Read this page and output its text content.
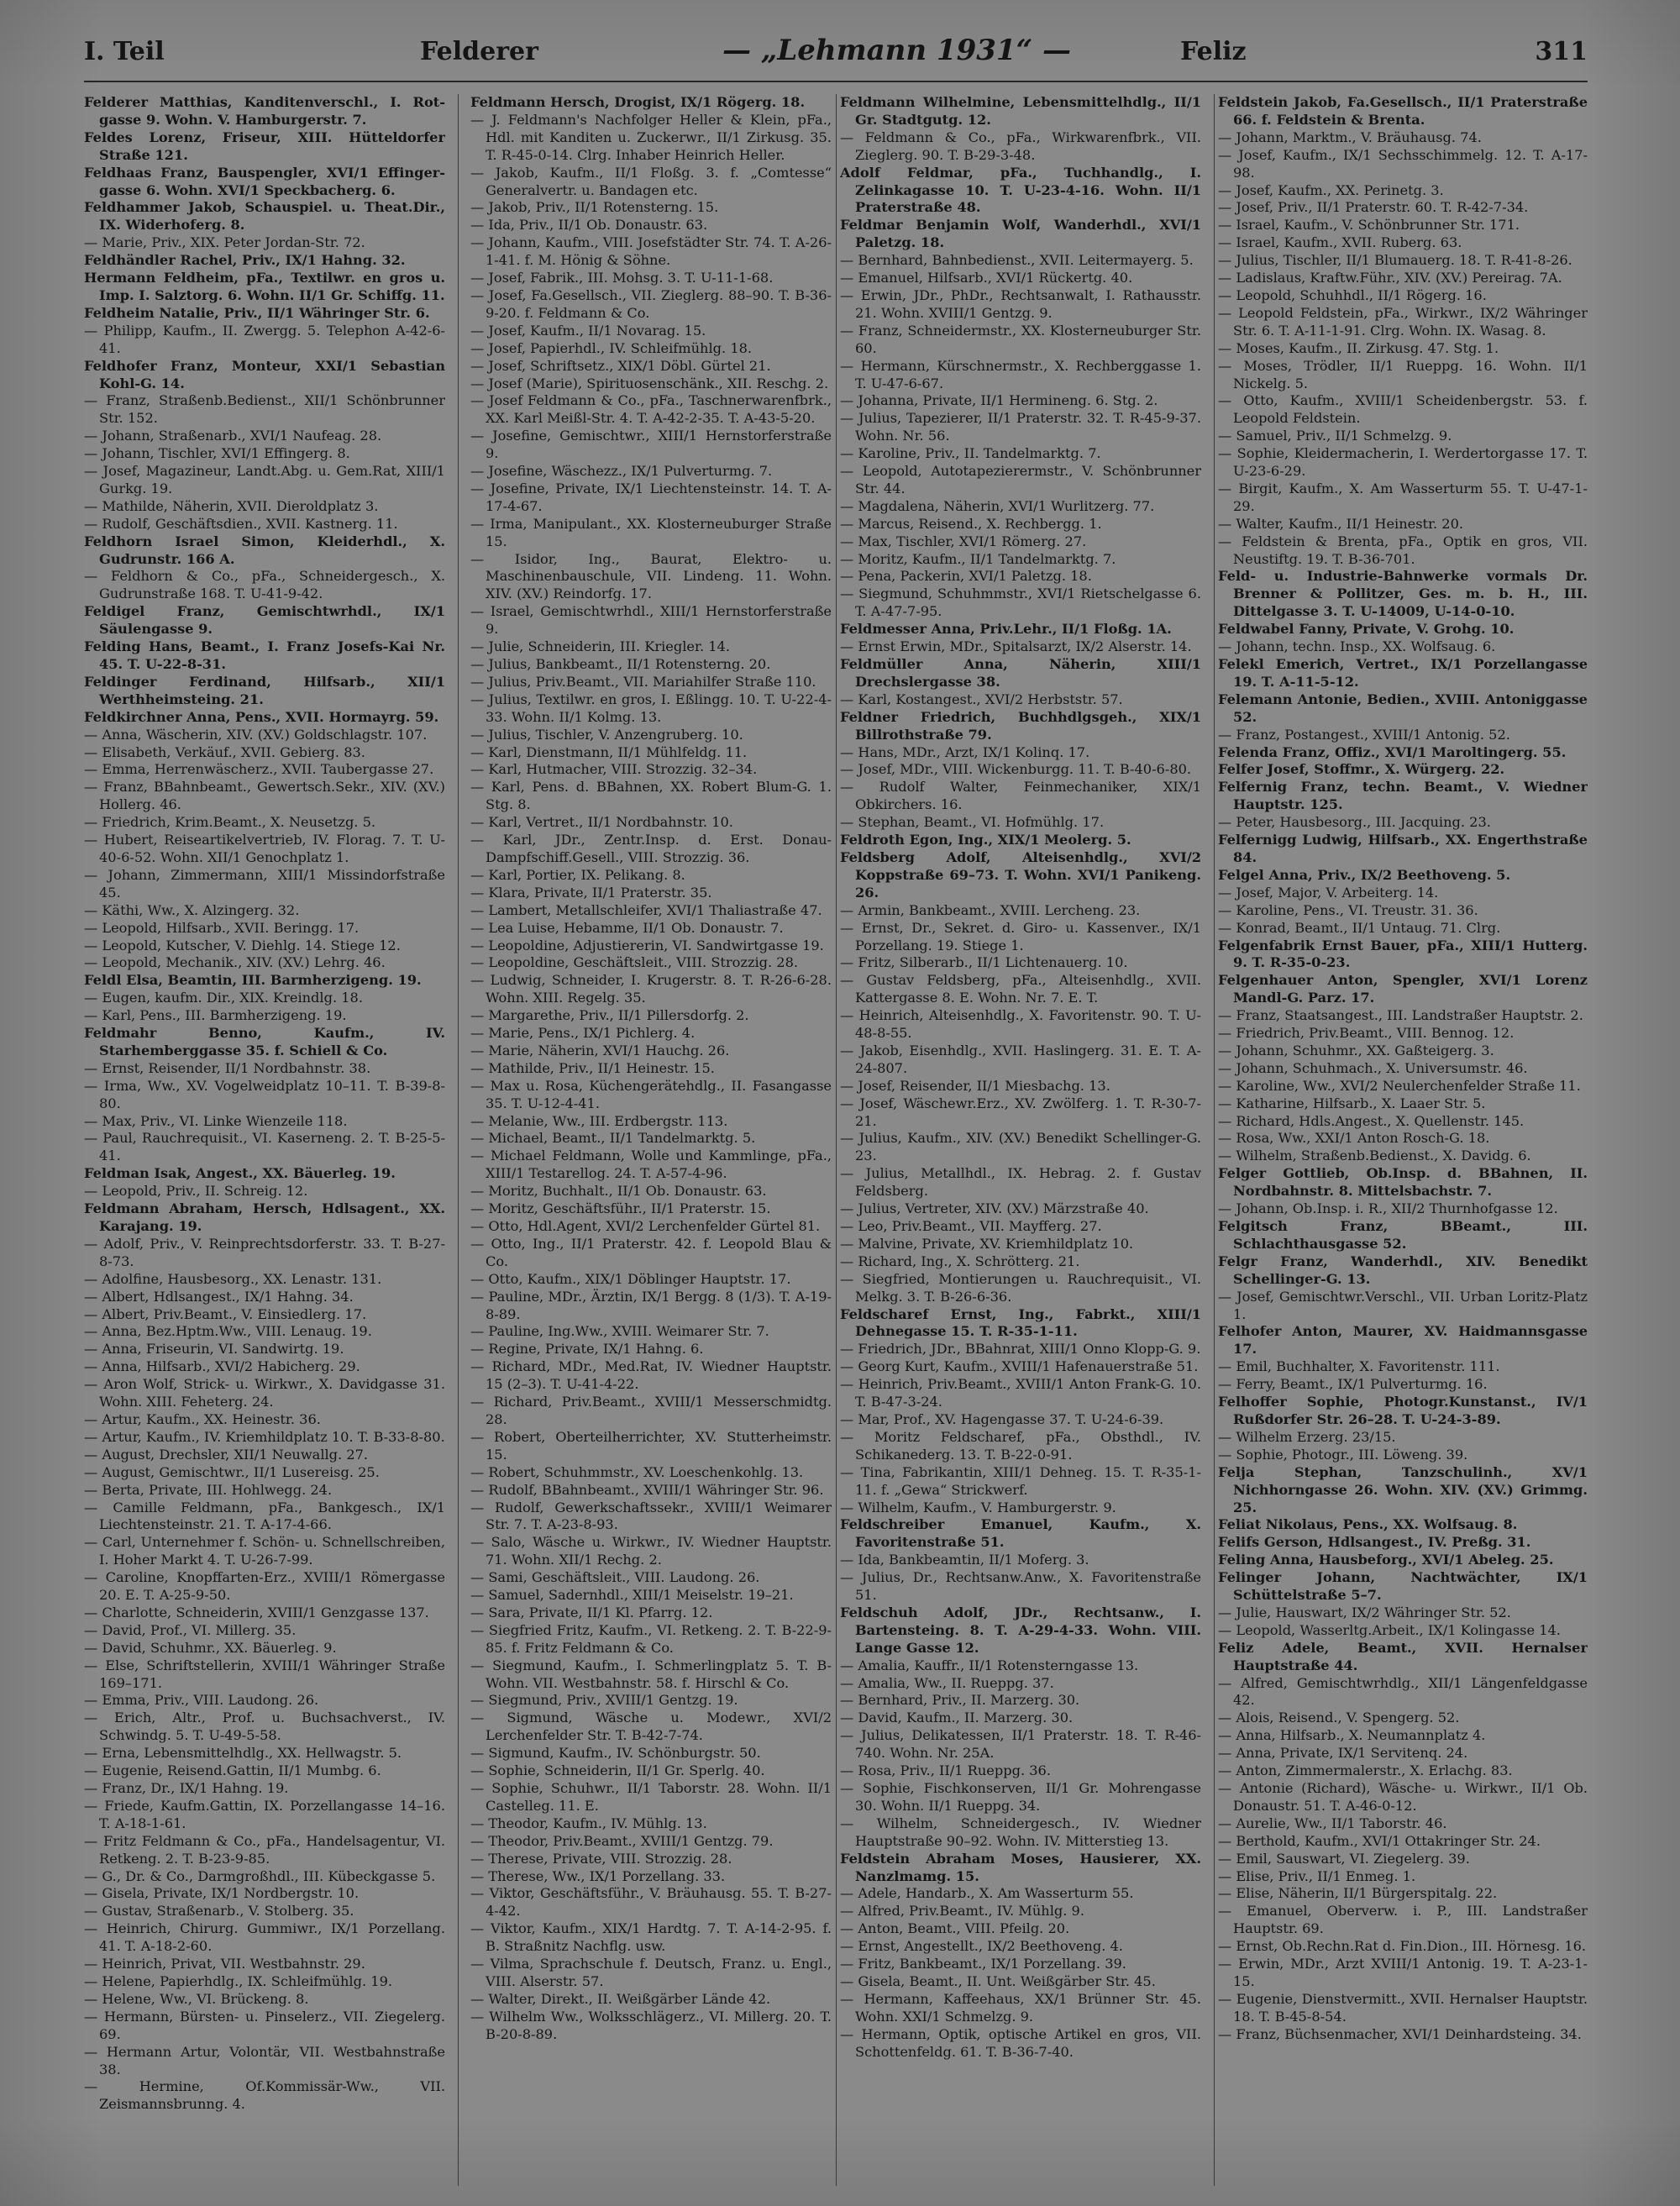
I. Teil	Felderer	— „Lehmann 1931“ —	Feliz	311

Felderer Matthias, Kanditenverschl., I. Rot-gasse 9. Wohn. V. Hamburgerstr. 7.

Feldes Lorenz, Friseur, XIII. Hütteldorfer Straße 121.

Feldhaas Franz, Bauspengler, XVI/1 Effinger-gasse 6. Wohn. XVI/1 Speckbacherg. 6.

Feldhammer Jakob, Schauspiel. u. Theat.Dir., IX. Widerhoferg. 8.

— Marie, Priv., XIX. Peter Jordan-Str. 72.

Feldhändler Rachel, Priv., IX/1 Hahng. 32.

Hermann Feldheim, pFa., Textilwr. en gros u. Imp. I. Salztorg. 6. Wohn. II/1 Gr. Schiffg. 11.

Feldheim Natalie, Priv., II/1 Währinger Str. 6.

— Philipp, Kaufm., II. Zwergg. 5. Telephon A-42-6-41.

Feldhofer Franz, Monteur, XXI/1 Sebastian Kohl-G. 14.

— Franz, Straßenb.Bedienst., XII/1 Schönbrunner Str. 152.

— Johann, Straßenarb., XVI/1 Naufeag. 28.

— Johann, Tischler, XVI/1 Effingerg. 8.

— Josef, Magazineur, Landt.Abg. u. Gem.Rat, XIII/1 Gurkg. 19.

— Mathilde, Näherin, XVII. Dieroldplatz 3.

— Rudolf, Geschäftsdien., XVII. Kastnerg. 11.

Feldhorn Israel Simon, Kleiderhdl., X. Gudrunstr. 166 A.

— Feldhorn & Co., pFa., Schneidergesch., X. Gudrunstraße 168. T. U-41-9-42.

Feldigel Franz, Gemischtwrhdl., IX/1 Säulengasse 9.

Felding Hans, Beamt., I. Franz Josefs-Kai Nr. 45. T. U-22-8-31.

Feldinger Ferdinand, Hilfsarb., XII/1 Werthheimsteing. 21.

Feldkirchner Anna, Pens., XVII. Hormayrg. 59.

— Anna, Wäscherin, XIV. (XV.) Goldschlagstr. 107.

— Elisabeth, Verkäuf., XVII. Gebierg. 83.

— Emma, Herrenwäscherz., XVII. Taubergasse 27.

— Franz, BBahnbeamt., Gewertsch.Sekr., XIV. (XV.) Hollerg. 46.

— Friedrich, Krim.Beamt., X. Neusetzg. 5.

— Hubert, Reiseartikelvertrieb, IV. Florag. 7. T. U-40-6-52. Wohn. XII/1 Genochplatz 1.

— Johann, Zimmermann, XIII/1 Missindorfstraße 45.

— Käthi, Ww., X. Alzingerg. 32.

— Leopold, Hilfsarb., XVII. Beringg. 17.

— Leopold, Kutscher, V. Diehlg. 14. Stiege 12.

— Leopold, Mechanik., XIV. (XV.) Lehrg. 46.

Feldl Elsa, Beamtin, III. Barmherzigeng. 19.

— Eugen, kaufm. Dir., XIX. Kreindlg. 18.

— Karl, Pens., III. Barmherzigeng. 19.

Feldmahr Benno, Kaufm., IV. Starhemberggasse 35. f. Schiell & Co.

— Ernst, Reisender, II/1 Nordbahnstr. 38.

— Irma, Ww., XV. Vogelweidplatz 10–11. T. B-39-8-80.

— Max, Priv., VI. Linke Wienzeile 118.

— Paul, Rauchrequisit., VI. Kaserneng. 2. T. B-25-5-41.

Feldman Isak, Angest., XX. Bäuerleg. 19.

— Leopold, Priv., II. Schreig. 12.

Feldmann Abraham, Hersch, Hdlsagent., XX. Karajang. 19.

— Adolf, Priv., V. Reinprechtsdorferstr. 33. T. B-27-8-73.

— Adolfine, Hausbesorg., XX. Lenastr. 131.

— Albert, Hdlsangest., IX/1 Hahng. 34.

— Albert, Priv.Beamt., V. Einsiedlerg. 17.

— Anna, Bez.Hptm.Ww., VIII. Lenaug. 19.

— Anna, Friseurin, VI. Sandwirtg. 19.

— Anna, Hilfsarb., XVI/2 Habicherg. 29.

— Aron Wolf, Strick- u. Wirkwr., X. Davidgasse 31. Wohn. XIII. Feheterg. 24.

— Artur, Kaufm., XX. Heinestr. 36.

— Artur, Kaufm., IV. Kriemhildplatz 10. T. B-33-8-80.

— August, Drechsler, XII/1 Neuwallg. 27.

— August, Gemischtwr., II/1 Lusereisg. 25.

— Berta, Private, III. Hohlwegg. 24.

— Camille Feldmann, pFa., Bankgesch., IX/1 Liechtensteinstr. 21. T. A-17-4-66.

— Carl, Unternehmer f. Schön- u. Schnellschreiben, I. Hoher Markt 4. T. U-26-7-99.

— Caroline, Knopffarten-Erz., XVIII/1 Römergasse 20. E. T. A-25-9-50.

— Charlotte, Schneiderin, XVIII/1 Genzgasse 137.

— David, Prof., VI. Millerg. 35.

— David, Schuhmr., XX. Bäuerleg. 9.

— Else, Schriftstellerin, XVIII/1 Währinger Straße 169–171.

— Emma, Priv., VIII. Laudong. 26.

— Erich, Altr., Prof. u. Buchsachverst., IV. Schwindg. 5. T. U-49-5-58.

— Erna, Lebensmittelhdlg., XX. Hellwagstr. 5.

— Eugenie, Reisend.Gattin, II/1 Mumbg. 6.

— Franz, Dr., IX/1 Hahng. 19.

— Friede, Kaufm.Gattin, IX. Porzellangasse 14–16. T. A-18-1-61.

— Fritz Feldmann & Co., pFa., Handelsagentur, VI. Retkeng. 2. T. B-23-9-85.

— G., Dr. & Co., Darmgroßhdl., III. Kübeckgasse 5.

— Gisela, Private, IX/1 Nordbergstr. 10.

— Gustav, Straßenarb., V. Stolberg. 35.

— Heinrich, Chirurg. Gummiwr., IX/1 Porzellang. 41. T. A-18-2-60.

— Heinrich, Privat, VII. Westbahnstr. 29.

— Helene, Papierhdlg., IX. Schleifmühlg. 19.

— Helene, Ww., VI. Brückeng. 8.

— Hermann, Bürsten- u. Pinselerz., VII. Ziegelerg. 69.

— Hermann Artur, Volontär, VII. Westbahnstraße 38.

— Hermine, Of.Kommissär-Ww., VII. Zeismannsbrunng. 4.

Feldmann Hersch, Drogist, IX/1 Rögerg. 18.

— J. Feldmann's Nachfolger Heller & Klein, pFa., Hdl. mit Kanditen u. Zuckerwr., II/1 Zirkusg. 35. T. R-45-0-14. Clrg. Inhaber Heinrich Heller.

— Jakob, Kaufm., II/1 Floßg. 3. f. „Comtesse“ Generalvertr. u. Bandagen etc.

— Jakob, Priv., II/1 Rotensterng. 15.

— Ida, Priv., II/1 Ob. Donaustr. 63.

— Johann, Kaufm., VIII. Josefstädter Str. 74. T. A-26-1-41. f. M. Hönig & Söhne.

— Josef, Fabrik., III. Mohsg. 3. T. U-11-1-68.

— Josef, Fa.Gesellsch., VII. Zieglerg. 88–90. T. B-36-9-20. f. Feldmann & Co.

— Josef, Kaufm., II/1 Novarag. 15.

— Josef, Papierhdl., IV. Schleifmühlg. 18.

— Josef, Schriftsetz., XIX/1 Döbl. Gürtel 21.

— Josef (Marie), Spirituosenschänk., XII. Reschg. 2.

— Josef Feldmann & Co., pFa., Taschnerwarenfbrk., XX. Karl Meißl-Str. 4. T. A-42-2-35. T. A-43-5-20.

— Josefine, Gemischtwr., XIII/1 Hernstorferstraße 9.

— Josefine, Wäschezz., IX/1 Pulverturmg. 7.

— Josefine, Private, IX/1 Liechtensteinstr. 14. T. A-17-4-67.

— Irma, Manipulant., XX. Klosterneuburger Straße 15.

— Isidor, Ing., Baurat, Elektro- u. Maschinenbauschule, VII. Lindeng. 11. Wohn. XIV. (XV.) Reindorfg. 17.

— Israel, Gemischtwrhdl., XIII/1 Hernstorferstraße 9.

— Julie, Schneiderin, III. Kriegler. 14.

— Julius, Bankbeamt., II/1 Rotensterng. 20.

— Julius, Priv.Beamt., VII. Mariahilfer Straße 110.

— Julius, Textilwr. en gros, I. Eßlingg. 10. T. U-22-4-33. Wohn. II/1 Kolmg. 13.

— Julius, Tischler, V. Anzengruberg. 10.

— Karl, Dienstmann, II/1 Mühlfeldg. 11.

— Karl, Hutmacher, VIII. Strozzig. 32–34.

— Karl, Pens. d. BBahnen, XX. Robert Blum-G. 1. Stg. 8.

— Karl, Vertret., II/1 Nordbahnstr. 10.

— Karl, JDr., Zentr.Insp. d. Erst. Donau-Dampfschiff.Gesell., VIII. Strozzig. 36.

— Karl, Portier, IX. Pelikang. 8.

— Klara, Private, II/1 Praterstr. 35.

— Lambert, Metallschleifer, XVI/1 Thaliastraße 47.

— Lea Luise, Hebamme, II/1 Ob. Donaustr. 7.

— Leopoldine, Adjustiererin, VI. Sandwirtgasse 19.

— Leopoldine, Geschäftsleit., VIII. Strozzig. 28.

— Ludwig, Schneider, I. Krugerstr. 8. T. R-26-6-28. Wohn. XIII. Regelg. 35.

— Margarethe, Priv., II/1 Pillersdorfg. 2.

— Marie, Pens., IX/1 Pichlerg. 4.

— Marie, Näherin, XVI/1 Hauchg. 26.

— Mathilde, Priv., II/1 Heinestr. 15.

— Max u. Rosa, Küchengerätehdlg., II. Fasangasse 35. T. U-12-4-41.

— Melanie, Ww., III. Erdbergstr. 113.

— Michael, Beamt., II/1 Tandelmarktg. 5.

— Michael Feldmann, Wolle und Kammlinge, pFa., XIII/1 Testarellog. 24. T. A-57-4-96.

— Moritz, Buchhalt., II/1 Ob. Donaustr. 63.

— Moritz, Geschäftsführ., II/1 Praterstr. 15.

— Otto, Hdl.Agent, XVI/2 Lerchenfelder Gürtel 81.

— Otto, Ing., II/1 Praterstr. 42. f. Leopold Blau & Co.

— Otto, Kaufm., XIX/1 Döblinger Hauptstr. 17.

— Pauline, MDr., Ärztin, IX/1 Bergg. 8 (1/3). T. A-19-8-89.

— Pauline, Ing.Ww., XVIII. Weimarer Str. 7.

— Regine, Private, IX/1 Hahng. 6.

— Richard, MDr., Med.Rat, IV. Wiedner Hauptstr. 15 (2–3). T. U-41-4-22.

— Richard, Priv.Beamt., XVIII/1 Messerschmidtg. 28.

— Robert, Oberteilherrichter, XV. Stutterheimstr. 15.

— Robert, Schuhmmstr., XV. Loeschenkohlg. 13.

— Rudolf, BBahnbeamt., XVIII/1 Währinger Str. 96.

— Rudolf, Gewerkschaftssekr., XVIII/1 Weimarer Str. 7. T. A-23-8-93.

— Salo, Wäsche u. Wirkwr., IV. Wiedner Hauptstr. 71. Wohn. XII/1 Rechg. 2.

— Sami, Geschäftsleit., VIII. Laudong. 26.

— Samuel, Sadernhdl., XIII/1 Meiselstr. 19–21.

— Sara, Private, II/1 Kl. Pfarrg. 12.

— Siegfried Fritz, Kaufm., VI. Retkeng. 2. T. B-22-9-85. f. Fritz Feldmann & Co.

— Siegmund, Kaufm., I. Schmerlingplatz 5. T. B-Wohn. VII. Westbahnstr. 58. f. Hirschl & Co.

— Siegmund, Priv., XVIII/1 Gentzg. 19.

— Sigmund, Wäsche u. Modewr., XVI/2 Lerchenfelder Str. T. B-42-7-74.

— Sigmund, Kaufm., IV. Schönburgstr. 50.

— Sophie, Schneiderin, II/1 Gr. Sperlg. 40.

— Sophie, Schuhwr., II/1 Taborstr. 28. Wohn. II/1 Castelleg. 11. E.

— Theodor, Kaufm., IV. Mühlg. 13.

— Theodor, Priv.Beamt., XVIII/1 Gentzg. 79.

— Therese, Private, VIII. Strozzig. 28.

— Therese, Ww., IX/1 Porzellang. 33.

— Viktor, Geschäftsführ., V. Bräuhausg. 55. T. B-27-4-42.

— Viktor, Kaufm., XIX/1 Hardtg. 7. T. A-14-2-95. f. B. Straßnitz Nachflg. usw.

— Vilma, Sprachschule f. Deutsch, Franz. u. Engl., VIII. Alserstr. 57.

— Walter, Direkt., II. Weißgärber Lände 42.

— Wilhelm Ww., Wolksschlägerz., VI. Millerg. 20. T. B-20-8-89.

Feldmann Wilhelmine, Lebensmittelhdlg., II/1 Gr. Stadtgutg. 12.

— Feldmann & Co., pFa., Wirkwarenfbrk., VII. Zieglerg. 90. T. B-29-3-48.

Adolf Feldmar, pFa., Tuchhandlg., I. Zelinkagasse 10. T. U-23-4-16. Wohn. II/1 Praterstraße 48.

Feldmar Benjamin Wolf, Wanderhdl., XVI/1 Paletzg. 18.

— Bernhard, Bahnbedienst., XVII. Leitermayerg. 5.

— Emanuel, Hilfsarb., XVI/1 Rückertg. 40.

— Erwin, JDr., PhDr., Rechtsanwalt, I. Rathausstr. 21. Wohn. XVIII/1 Gentzg. 9.

— Franz, Schneidermstr., XX. Klosterneuburger Str. 60.

— Hermann, Kürschnermstr., X. Rechberggasse 1. T. U-47-6-67.

— Johanna, Private, II/1 Hermineng. 6. Stg. 2.

— Julius, Tapezierer, II/1 Praterstr. 32. T. R-45-9-37. Wohn. Nr. 56.

— Karoline, Priv., II. Tandelmarktg. 7.

— Leopold, Autotapezierermstr., V. Schönbrunner Str. 44.

— Magdalena, Näherin, XVI/1 Wurlitzerg. 77.

— Marcus, Reisend., X. Rechbergg. 1.

— Max, Tischler, XVI/1 Römerg. 27.

— Moritz, Kaufm., II/1 Tandelmarktg. 7.

— Pena, Packerin, XVI/1 Paletzg. 18.

— Siegmund, Schuhmmstr., XVI/1 Rietschelgasse 6. T. A-47-7-95.

Feldmesser Anna, Priv.Lehr., II/1 Floßg. 1A.

— Ernst Erwin, MDr., Spitalsarzt, IX/2 Alserstr. 14.

Feldmüller Anna, Näherin, XIII/1 Drechslergasse 38.

— Karl, Kostangest., XVI/2 Herbststr. 57.

Feldner Friedrich, Buchhdlgsgeh., XIX/1 Billrothstraße 79.

— Hans, MDr., Arzt, IX/1 Kolinq. 17.

— Josef, MDr., VIII. Wickenburgg. 11. T. B-40-6-80.

— Rudolf Walter, Feinmechaniker, XIX/1 Obkirchers. 16.

— Stephan, Beamt., VI. Hofmühlg. 17.

Feldroth Egon, Ing., XIX/1 Meolerg. 5.

Feldsberg Adolf, Alteisenhdlg., XVI/2 Koppstraße 69–73. T. Wohn. XVI/1 Panikeng. 26.

— Armin, Bankbeamt., XVIII. Lercheng. 23.

— Ernst, Dr., Sekret. d. Giro- u. Kassenver., IX/1 Porzellang. 19. Stiege 1.

— Fritz, Silberarb., II/1 Lichtenauerg. 10.

— Gustav Feldsberg, pFa., Alteisenhdlg., XVII. Kattergasse 8. E. Wohn. Nr. 7. E. T.

— Heinrich, Alteisenhdlg., X. Favoritenstr. 90. T. U-48-8-55.

— Jakob, Eisenhdlg., XVII. Haslingerg. 31. E. T. A-24-807.

— Josef, Reisender, II/1 Miesbachg. 13.

— Josef, Wäschewr.Erz., XV. Zwölferg. 1. T. R-30-7-21.

— Julius, Kaufm., XIV. (XV.) Benedikt Schellinger-G. 23.

— Julius, Metallhdl., IX. Hebrag. 2. f. Gustav Feldsberg.

— Julius, Vertreter, XIV. (XV.) Märzstraße 40.

— Leo, Priv.Beamt., VII. Mayfferg. 27.

— Malvine, Private, XV. Kriemhildplatz 10.

— Richard, Ing., X. Schrötterg. 21.

— Siegfried, Montierungen u. Rauchrequisit., VI. Melkg. 3. T. B-26-6-36.

Feldscharef Ernst, Ing., Fabrkt., XIII/1 Dehnegasse 15. T. R-35-1-11.

— Friedrich, JDr., BBahnrat, XIII/1 Onno Klopp-G. 9.

— Georg Kurt, Kaufm., XVIII/1 Hafenauerstraße 51.

— Heinrich, Priv.Beamt., XVIII/1 Anton Frank-G. 10. T. B-47-3-24.

— Mar, Prof., XV. Hagengasse 37. T. U-24-6-39.

— Moritz Feldscharef, pFa., Obsthdl., IV. Schikanederg. 13. T. B-22-0-91.

— Tina, Fabrikantin, XIII/1 Dehneg. 15. T. R-35-1-11. f. „Gewa“ Strickwerf.

— Wilhelm, Kaufm., V. Hamburgerstr. 9.

Feldschreiber Emanuel, Kaufm., X. Favoritenstraße 51.

— Ida, Bankbeamtin, II/1 Moferg. 3.

— Julius, Dr., Rechtsanw.Anw., X. Favoritenstraße 51.

Feldschuh Adolf, JDr., Rechtsanw., I. Bartensteing. 8. T. A-29-4-33. Wohn. VIII. Lange Gasse 12.

— Amalia, Kauffr., II/1 Rotensterngasse 13.

— Amalia, Ww., II. Rueppg. 37.

— Bernhard, Priv., II. Marzerg. 30.

— David, Kaufm., II. Marzerg. 30.

— Julius, Delikatessen, II/1 Praterstr. 18. T. R-46-740. Wohn. Nr. 25A.

— Rosa, Priv., II/1 Rueppg. 36.

— Sophie, Fischkonserven, II/1 Gr. Mohrengasse 30. Wohn. II/1 Rueppg. 34.

— Wilhelm, Schneidergesch., IV. Wiedner Hauptstraße 90–92. Wohn. IV. Mitterstieg 13.

Feldstein Abraham Moses, Hausierer, XX. Nanzlmamg. 15.

— Adele, Handarb., X. Am Wasserturm 55.

— Alfred, Priv.Beamt., IV. Mühlg. 9.

— Anton, Beamt., VIII. Pfeilg. 20.

— Ernst, Angestellt., IX/2 Beethoveng. 4.

— Fritz, Bankbeamt., IX/1 Porzellang. 39.

— Gisela, Beamt., II. Unt. Weißgärber Str. 45.

— Hermann, Kaffeehaus, XX/1 Brünner Str. 45. Wohn. XXI/1 Schmelzg. 9.

— Hermann, Optik, optische Artikel en gros, VII. Schottenfeldg. 61. T. B-36-7-40.

Feldstein Jakob, Fa.Gesellsch., II/1 Praterstraße 66. f. Feldstein & Brenta.

— Johann, Marktm., V. Bräuhausg. 74.

— Josef, Kaufm., IX/1 Sechsschimmelg. 12. T. A-17-98.

— Josef, Kaufm., XX. Perinetg. 3.

— Josef, Priv., II/1 Praterstr. 60. T. R-42-7-34.

— Israel, Kaufm., V. Schönbrunner Str. 171.

— Israel, Kaufm., XVII. Ruberg. 63.

— Julius, Tischler, II/1 Blumauerg. 18. T. R-41-8-26.

— Ladislaus, Kraftw.Führ., XIV. (XV.) Pereirag. 7A.

— Leopold, Schuhhdl., II/1 Rögerg. 16.

— Leopold Feldstein, pFa., Wirkwr., IX/2 Währinger Str. 6. T. A-11-1-91. Clrg. Wohn. IX. Wasag. 8.

— Moses, Kaufm., II. Zirkusg. 47. Stg. 1.

— Moses, Trödler, II/1 Rueppg. 16. Wohn. II/1 Nickelg. 5.

— Otto, Kaufm., XVIII/1 Scheidenbergstr. 53. f. Leopold Feldstein.

— Samuel, Priv., II/1 Schmelzg. 9.

— Sophie, Kleidermacherin, I. Werdertorgasse 17. T. U-23-6-29.

— Birgit, Kaufm., X. Am Wasserturm 55. T. U-47-1-29.

— Walter, Kaufm., II/1 Heinestr. 20.

— Feldstein & Brenta, pFa., Optik en gros, VII. Neustiftg. 19. T. B-36-701.

Feld- u. Industrie-Bahnwerke vormals Dr. Brenner & Pollitzer, Ges. m. b. H., III. Dittelgasse 3. T. U-14009, U-14-0-10.

Feldwabel Fanny, Private, V. Grohg. 10.

— Johann, techn. Insp., XX. Wolfsaug. 6.

Felekl Emerich, Vertret., IX/1 Porzellangasse 19. T. A-11-5-12.

Felemann Antonie, Bedien., XVIII. Antoniggasse 52.

— Franz, Postangest., XVIII/1 Antonig. 52.

Felenda Franz, Offiz., XVI/1 Maroltingerg. 55.

Felfer Josef, Stoffmr., X. Würgerg. 22.

Felfernig Franz, techn. Beamt., V. Wiedner Hauptstr. 125.

— Peter, Hausbesorg., III. Jacquing. 23.

Felfernigg Ludwig, Hilfsarb., XX. Engerthstraße 84.

Felgel Anna, Priv., IX/2 Beethoveng. 5.

— Josef, Major, V. Arbeiterg. 14.

— Karoline, Pens., VI. Treustr. 31. 36.

— Konrad, Beamt., II/1 Untaug. 71. Clrg.

Felgenfabrik Ernst Bauer, pFa., XIII/1 Hutterg. 9. T. R-35-0-23.

Felgenhauer Anton, Spengler, XVI/1 Lorenz Mandl-G. Parz. 17.

— Franz, Staatsangest., III. Landstraßer Hauptstr. 2.

— Friedrich, Priv.Beamt., VIII. Bennog. 12.

— Johann, Schuhmr., XX. Gaßteigerg. 3.

— Johann, Schuhmach., X. Universumstr. 46.

— Karoline, Ww., XVI/2 Neulerchenfelder Straße 11.

— Katharine, Hilfsarb., X. Laaer Str. 5.

— Richard, Hdls.Angest., X. Quellenstr. 145.

— Rosa, Ww., XXI/1 Anton Rosch-G. 18.

— Wilhelm, Straßenb.Bedienst., X. Davidg. 6.

Felger Gottlieb, Ob.Insp. d. BBahnen, II. Nordbahnstr. 8. Mittelsbachstr. 7.

— Johann, Ob.Insp. i. R., XII/2 Thurnhofgasse 12.

Felgitsch Franz, BBeamt., III. Schlachthausgasse 52.

Felgr Franz, Wanderhdl., XIV. Benedikt Schellinger-G. 13.

— Josef, Gemischtwr.Verschl., VII. Urban Loritz-Platz 1.

Felhofer Anton, Maurer, XV. Haidmannsgasse 17.

— Emil, Buchhalter, X. Favoritenstr. 111.

— Ferry, Beamt., IX/1 Pulverturmg. 16.

Felhoffer Sophie, Photogr.Kunstanst., IV/1 Rußdorfer Str. 26–28. T. U-24-3-89.

— Wilhelm Erzerg. 23/15.

— Sophie, Photogr., III. Löweng. 39.

Felja Stephan, Tanzschulinh., XV/1 Nichhorngasse 26. Wohn. XIV. (XV.) Grimmg. 25.

Feliat Nikolaus, Pens., XX. Wolfsaug. 8.

Felifs Gerson, Hdlsangest., IV. Preßg. 31.

Feling Anna, Hausbeforg., XVI/1 Abeleg. 25.

Felinger Johann, Nachtwächter, IX/1 Schüttelstraße 5–7.

— Julie, Hauswart, IX/2 Währinger Str. 52.

— Leopold, Wasserltg.Arbeit., IX/1 Kolingasse 14.

Feliz Adele, Beamt., XVII. Hernalser Hauptstraße 44.

— Alfred, Gemischtwrhdlg., XII/1 Längenfeldgasse 42.

— Alois, Reisend., V. Spengerg. 52.

— Anna, Hilfsarb., X. Neumannplatz 4.

— Anna, Private, IX/1 Servitenq. 24.

— Anton, Zimmermalerstr., X. Erlachg. 83.

— Antonie (Richard), Wäsche- u. Wirkwr., II/1 Ob. Donaustr. 51. T. A-46-0-12.

— Aurelie, Ww., II/1 Taborstr. 46.

— Berthold, Kaufm., XVI/1 Ottakringer Str. 24.

— Emil, Sauswart, VI. Ziegelerg. 39.

— Elise, Priv., II/1 Enmeg. 1.

— Elise, Näherin, II/1 Bürgerspitalg. 22.

— Emanuel, Oberverw. i. P., III. Landstraßer Hauptstr. 69.

— Ernst, Ob.Rechn.Rat d. Fin.Dion., III. Hörnesg. 16.

— Erwin, MDr., Arzt XVIII/1 Antonig. 19. T. A-23-1-15.

— Eugenie, Dienstvermitt., XVII. Hernalser Hauptstr. 18. T. B-45-8-54.

— Franz, Büchsenmacher, XVI/1 Deinhardsteing. 34.
